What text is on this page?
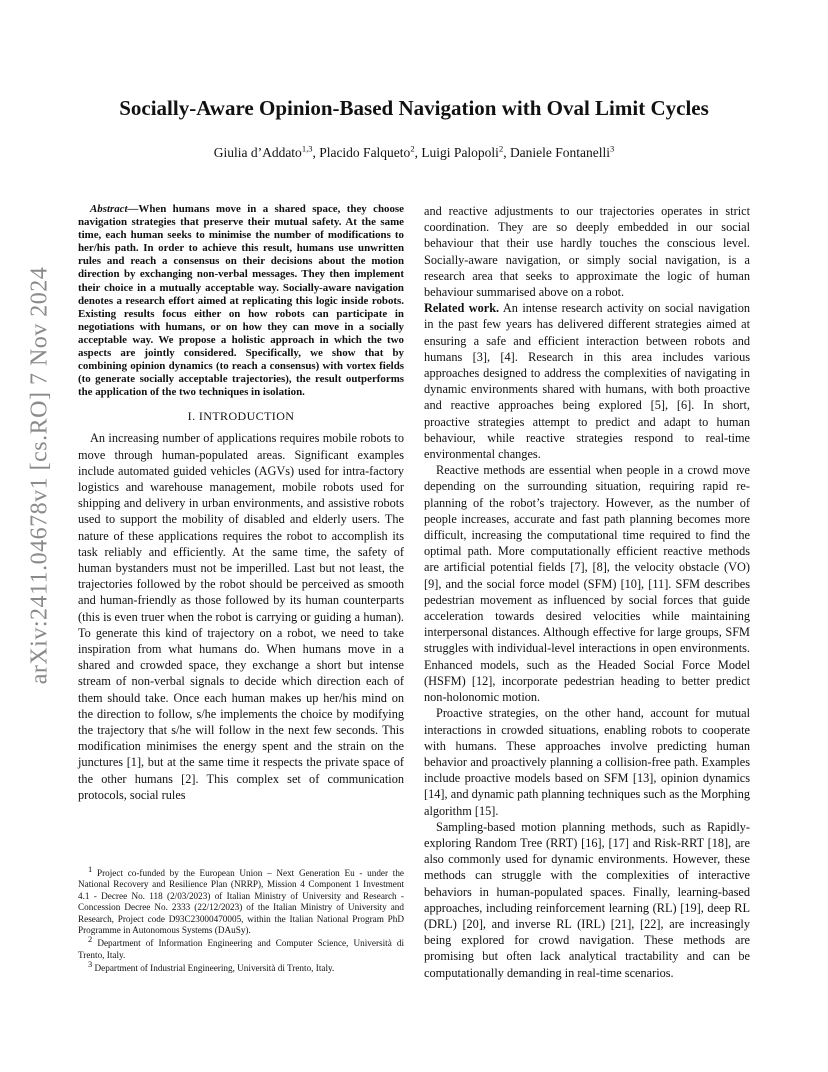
arXiv:2411.04678v1 [cs.RO] 7 Nov 2024
Socially-Aware Opinion-Based Navigation with Oval Limit Cycles

Giulia d’Addato$^{1,3}$, Placido Falqueto$^2$, Luigi Palopoli$^2$, Daniele Fontanelli$^3$

Abstract—When humans move in a shared space, they choose navigation strategies that preserve their mutual safety. At the same time, each human seeks to minimise the number of modifications to her/his path. In order to achieve this result, humans use unwritten rules and reach a consensus on their decisions about the motion direction by exchanging non-verbal messages. They then implement their choice in a mutually acceptable way. Socially-aware navigation denotes a research effort aimed at replicating this logic inside robots. Existing results focus either on how robots can participate in negotiations with humans, or on how they can move in a socially acceptable way. We propose a holistic approach in which the two aspects are jointly considered. Specifically, we show that by combining opinion dynamics (to reach a consensus) with vortex fields (to generate socially acceptable trajectories), the result outperforms the application of the two techniques in isolation.

I. INTRODUCTION

An increasing number of applications requires mobile robots to move through human-populated areas. Significant examples include automated guided vehicles (AGVs) used for intra-factory logistics and warehouse management, mobile robots used for shipping and delivery in urban environments, and assistive robots used to support the mobility of disabled and elderly users. The nature of these applications requires the robot to accomplish its task reliably and efficiently. At the same time, the safety of human bystanders must not be imperilled. Last but not least, the trajectories followed by the robot should be perceived as smooth and human-friendly as those followed by its human counterparts (this is even truer when the robot is carrying or guiding a human). To generate this kind of trajectory on a robot, we need to take inspiration from what humans do. When humans move in a shared and crowded space, they exchange a short but intense stream of non-verbal signals to decide which direction each of them should take. Once each human makes up her/his mind on the direction to follow, s/he implements the choice by modifying the trajectory that s/he will follow in the next few seconds. This modification minimises the energy spent and the strain on the junctures [1], but at the same time it respects the private space of the other humans [2]. This complex set of communication protocols, social rules

$^1$ Project co-funded by the European Union – Next Generation Eu - under the National Recovery and Resilience Plan (NRRP), Mission 4 Component 1 Investment 4.1 - Decree No. 118 (2/03/2023) of Italian Ministry of University and Research - Concession Decree No. 2333 (22/12/2023) of the Italian Ministry of University and Research, Project code D93C23000470005, within the Italian National Program PhD Programme in Autonomous Systems (DAuSy).

$^2$ Department of Information Engineering and Computer Science, Università di Trento, Italy.

$^3$ Department of Industrial Engineering, Università di Trento, Italy.

and reactive adjustments to our trajectories operates in strict coordination. They are so deeply embedded in our social behaviour that their use hardly touches the conscious level. Socially-aware navigation, or simply social navigation, is a research area that seeks to approximate the logic of human behaviour summarised above on a robot.

Related work. An intense research activity on social navigation in the past few years has delivered different strategies aimed at ensuring a safe and efficient interaction between robots and humans [3], [4]. Research in this area includes various approaches designed to address the complexities of navigating in dynamic environments shared with humans, with both proactive and reactive approaches being explored [5], [6]. In short, proactive strategies attempt to predict and adapt to human behaviour, while reactive strategies respond to real-time environmental changes.

Reactive methods are essential when people in a crowd move depending on the surrounding situation, requiring rapid re-planning of the robot’s trajectory. However, as the number of people increases, accurate and fast path planning becomes more difficult, increasing the computational time required to find the optimal path. More computationally efficient reactive methods are artificial potential fields [7], [8], the velocity obstacle (VO) [9], and the social force model (SFM) [10], [11]. SFM describes pedestrian movement as influenced by social forces that guide acceleration towards desired velocities while maintaining interpersonal distances. Although effective for large groups, SFM struggles with individual-level interactions in open environments. Enhanced models, such as the Headed Social Force Model (HSFM) [12], incorporate pedestrian heading to better predict non-holonomic motion.

Proactive strategies, on the other hand, account for mutual interactions in crowded situations, enabling robots to cooperate with humans. These approaches involve predicting human behavior and proactively planning a collision-free path. Examples include proactive models based on SFM [13], opinion dynamics [14], and dynamic path planning techniques such as the Morphing algorithm [15].

Sampling-based motion planning methods, such as Rapidly-exploring Random Tree (RRT) [16], [17] and Risk-RRT [18], are also commonly used for dynamic environments. However, these methods can struggle with the complexities of interactive behaviors in human-populated spaces. Finally, learning-based approaches, including reinforcement learning (RL) [19], deep RL (DRL) [20], and inverse RL (IRL) [21], [22], are increasingly being explored for crowd navigation. These methods are promising but often lack analytical tractability and can be computationally demanding in real-time scenarios.
